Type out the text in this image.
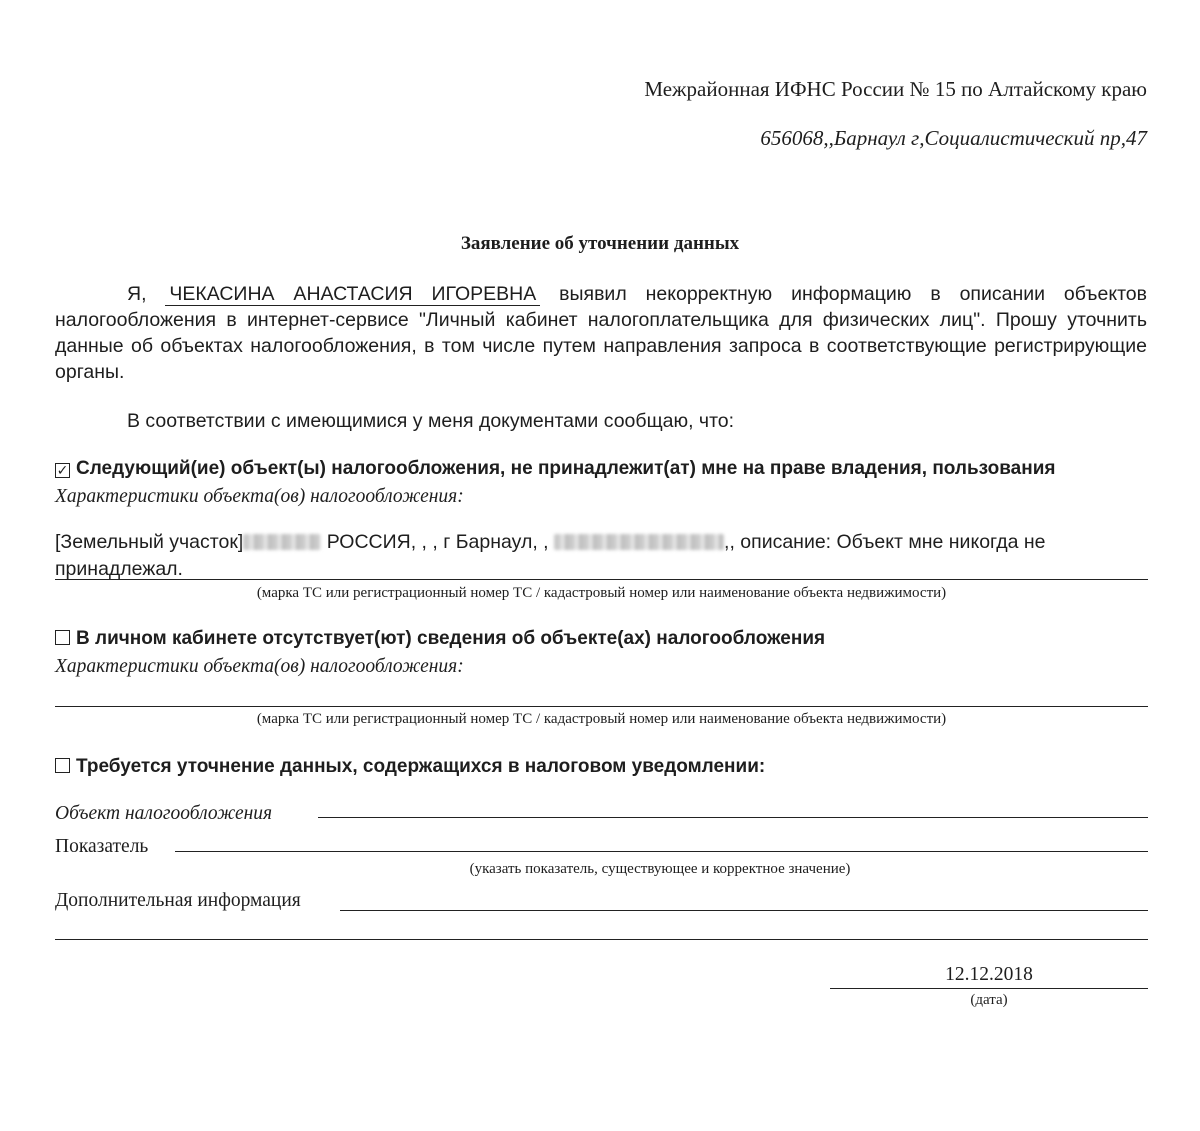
Межрайонная ИФНС России № 15 по Алтайскому краю
656068,,Барнаул г,Социалистический пр,47
Заявление об уточнении данных
Я, ЧЕКАСИНА АНАСТАСИЯ ИГОРЕВНА выявил некорректную информацию в описании объектов налогообложения в интернет-сервисе "Личный кабинет налогоплательщика для физических лиц". Прошу уточнить данные об объектах налогообложения, в том числе путем направления запроса в соответствующие регистрирующие органы.
В соответствии с имеющимися у меня документами сообщаю, что:
✓ Следующий(ие) объект(ы) налогообложения, не принадлежит(ат) мне на праве владения, пользования
Характеристики объекта(ов) налогообложения:
[Земельный участок]	РОССИЯ, , , г Барнаул, ,	,, описание: Объект мне никогда не
принадлежал.
(марка ТС или регистрационный номер ТС / кадастровый номер или наименование объекта недвижимости)
В личном кабинете отсутствует(ют) сведения об объекте(ах) налогообложения
Характеристики объекта(ов) налогообложения:
(марка ТС или регистрационный номер ТС / кадастровый номер или наименование объекта недвижимости)
Требуется уточнение данных, содержащихся в налоговом уведомлении:
Объект налогообложения
Показатель
(указать показатель, существующее и корректное значение)
Дополнительная информация
12.12.2018
(дата)
